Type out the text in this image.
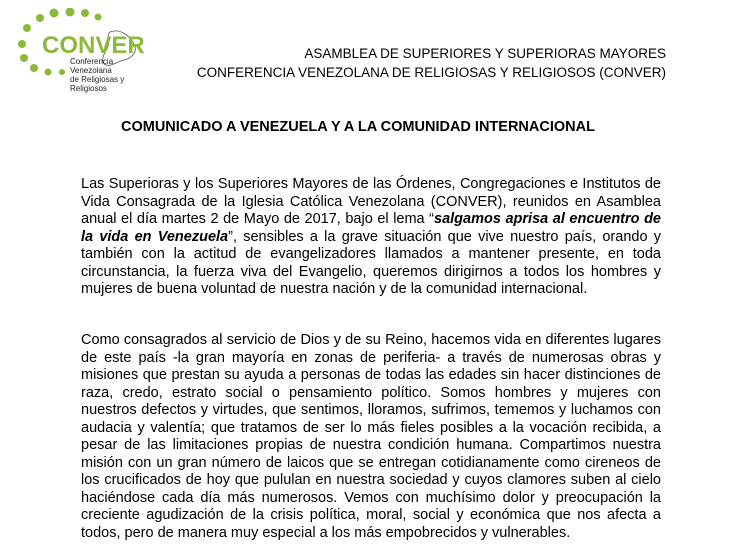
CONVER
Conferencia Venezolana
de Religiosas y Religiosos
ASAMBLEA DE SUPERIORES Y SUPERIORAS MAYORES
CONFERENCIA VENEZOLANA DE RELIGIOSAS Y RELIGIOSOS (CONVER)
COMUNICADO A VENEZUELA Y A LA COMUNIDAD INTERNACIONAL
Las Superioras y los Superiores Mayores de las Órdenes, Congregaciones e Institutos de Vida Consagrada de la Iglesia Católica Venezolana (CONVER), reunidos en Asamblea anual el día martes 2 de Mayo de 2017, bajo el lema “salgamos aprisa al encuentro de la vida en Venezuela”, sensibles a la grave situación que vive nuestro país, orando y también con la actitud de evangelizadores llamados a mantener presente, en toda circunstancia, la fuerza viva del Evangelio, queremos dirigirnos a todos los hombres y mujeres de buena voluntad de nuestra nación y de la comunidad internacional.
Como consagrados al servicio de Dios y de su Reino, hacemos vida en diferentes lugares de este país -la gran mayoría en zonas de periferia- a través de numerosas obras y misiones que prestan su ayuda a personas de todas las edades sin hacer distinciones de raza, credo, estrato social o pensamiento político. Somos hombres y mujeres con nuestros defectos y virtudes, que sentimos, lloramos, sufrimos, tememos y luchamos con audacia y valentía; que tratamos de ser lo más fieles posibles a la vocación recibida, a pesar de las limitaciones propias de nuestra condición humana. Compartimos nuestra misión con un gran número de laicos que se entregan cotidianamente como cireneos de los crucificados de hoy que pululan en nuestra sociedad y cuyos clamores suben al cielo haciéndose cada día más numerosos. Vemos con muchísimo dolor y preocupación la creciente agudización de la crisis política, moral, social y económica que nos afecta a todos, pero de manera muy especial a los más empobrecidos y vulnerables.
